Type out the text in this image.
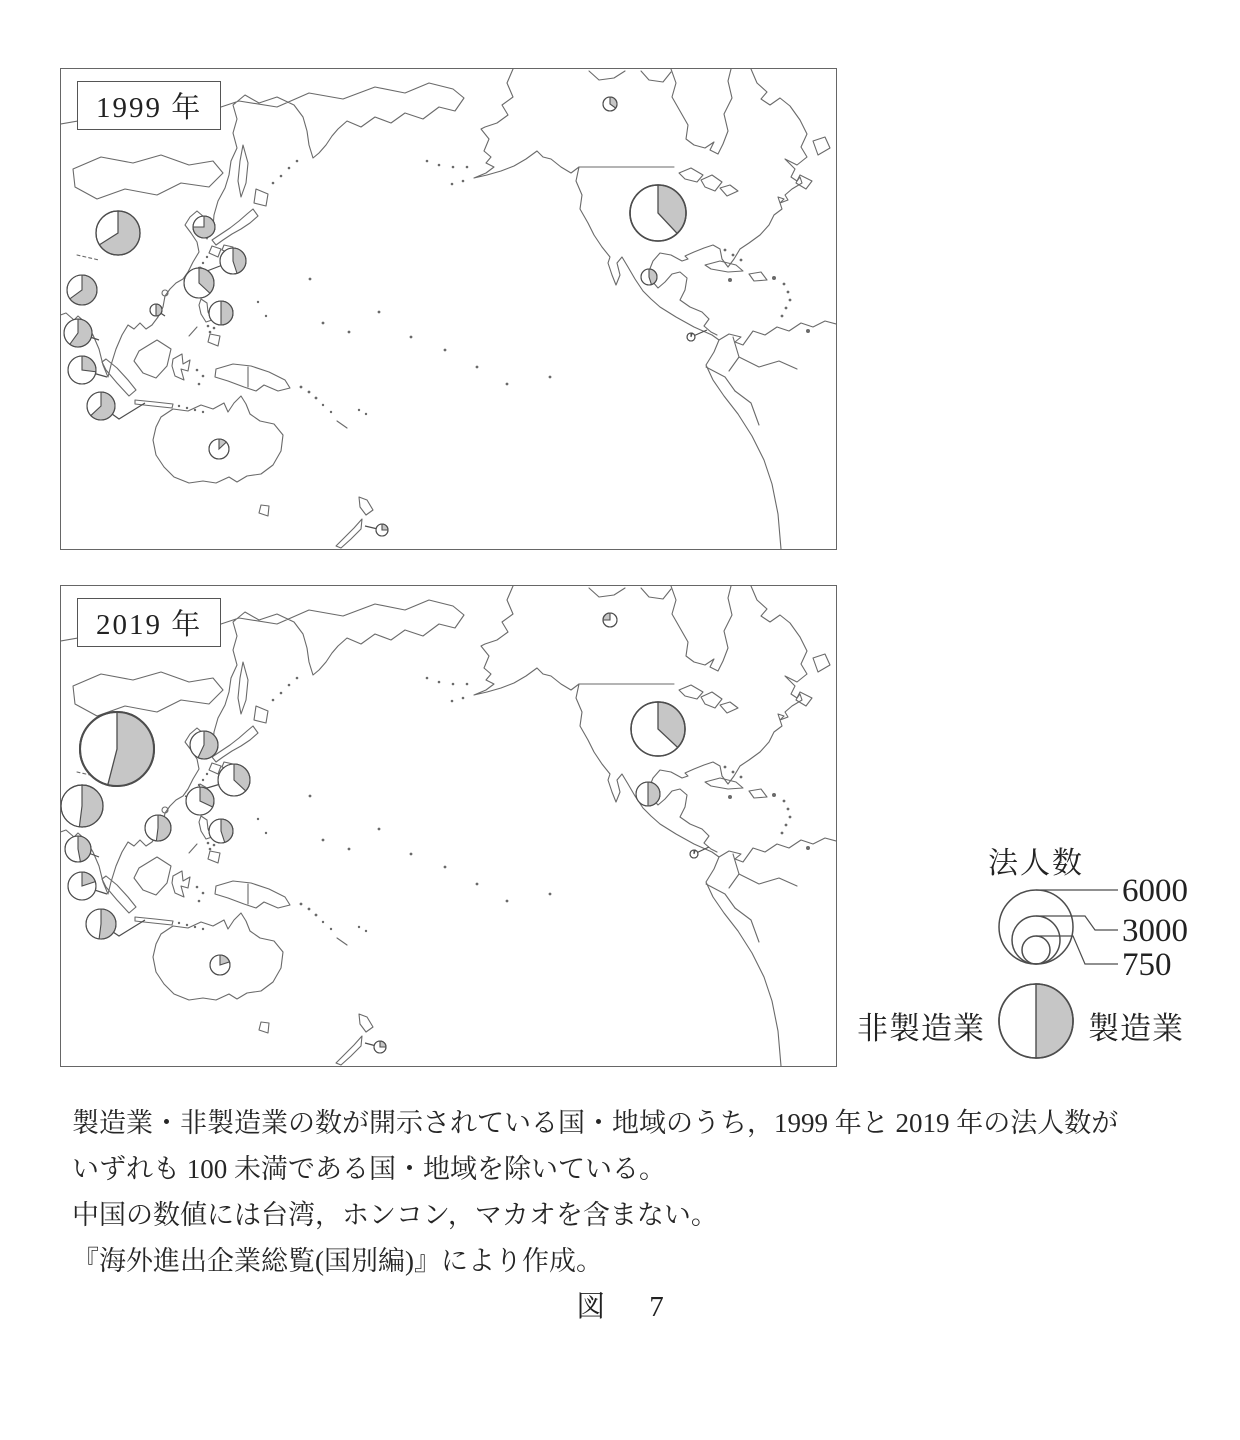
1999 年
2019 年
法人数
6000
3000
750
非製造業	製造業

製造業・非製造業の数が開示されている国・地域のうち，1999 年と 2019 年の法人数が

いずれも 100 未満である国・地域を除いている。

中国の数値には台湾，ホンコン，マカオを含まない。

『海外進出企業総覧(国別編)』により作成。

図 7
